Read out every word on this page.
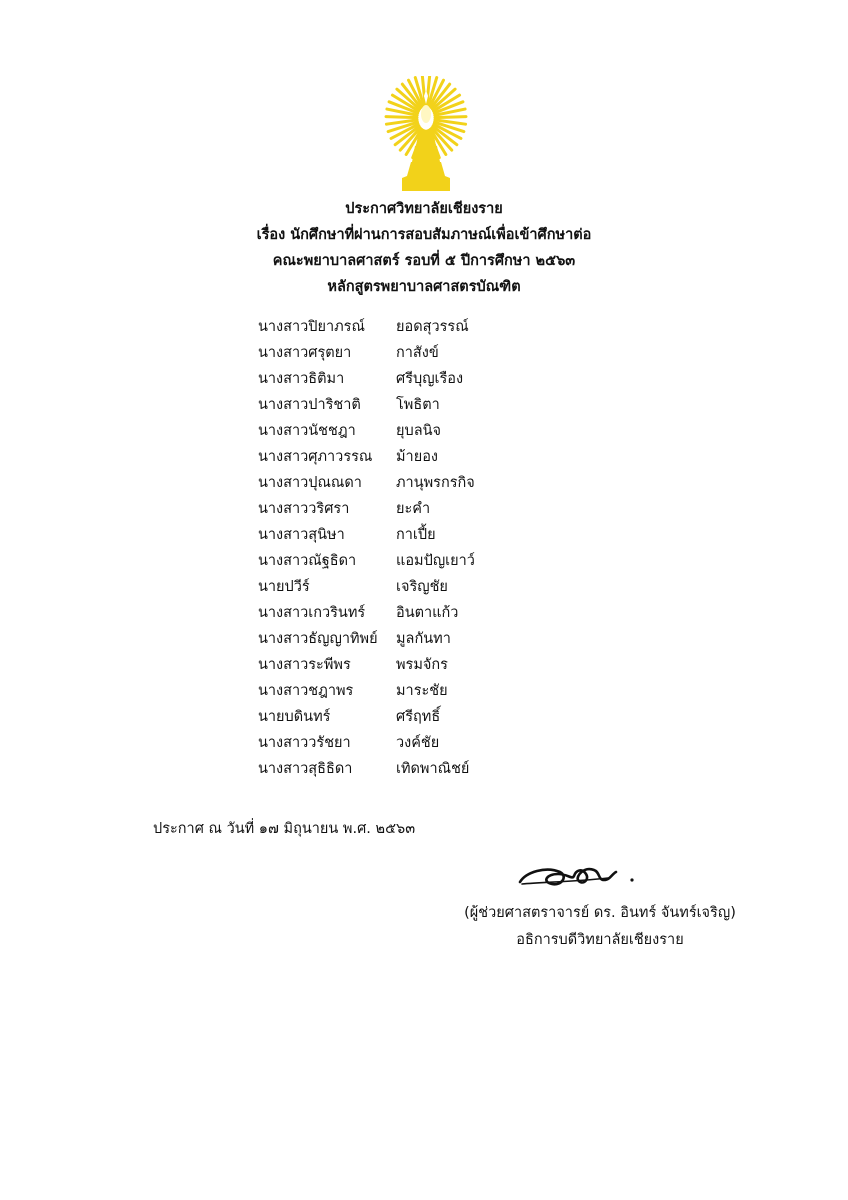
ประกาศวิทยาลัยเชียงราย
เรื่อง นักศึกษาที่ผ่านการสอบสัมภาษณ์เพื่อเข้าศึกษาต่อ
คณะพยาบาลศาสตร์ รอบที่ ๕ ปีการศึกษา ๒๕๖๓
หลักสูตรพยาบาลศาสตรบัณฑิต
นางสาวปิยาภรณ์	ยอดสุวรรณ์
นางสาวศรุตยา	กาสังข์
นางสาวธิติมา	ศรีบุญเรือง
นางสาวปาริชาติ	โพธิตา
นางสาวนัชชฎา	ยุบลนิจ
นางสาวศุภาวรรณ	ม้ายอง
นางสาวปุณณดา	ภานุพรกรกิจ
นางสาววริศรา	ยะคำ
นางสาวสุนิษา	กาเปี้ย
นางสาวณัฐธิดา	แอมปัญเยาว์
นายปวีร์	เจริญชัย
นางสาวเกวรินทร์	อินตาแก้ว
นางสาวธัญญาทิพย์	มูลกันทา
นางสาวระพีพร	พรมจักร
นางสาวชฎาพร	มาระชัย
นายบดินทร์	ศรีฤทธิ์
นางสาววรัชยา	วงค์ชัย
นางสาวสุธิธิดา	เทิดพาณิชย์
ประกาศ ณ วันที่ ๑๗ มิถุนายน พ.ศ. ๒๕๖๓
(ผู้ช่วยศาสตราจารย์ ดร. อินทร์ จันทร์เจริญ)
อธิการบดีวิทยาลัยเชียงราย
